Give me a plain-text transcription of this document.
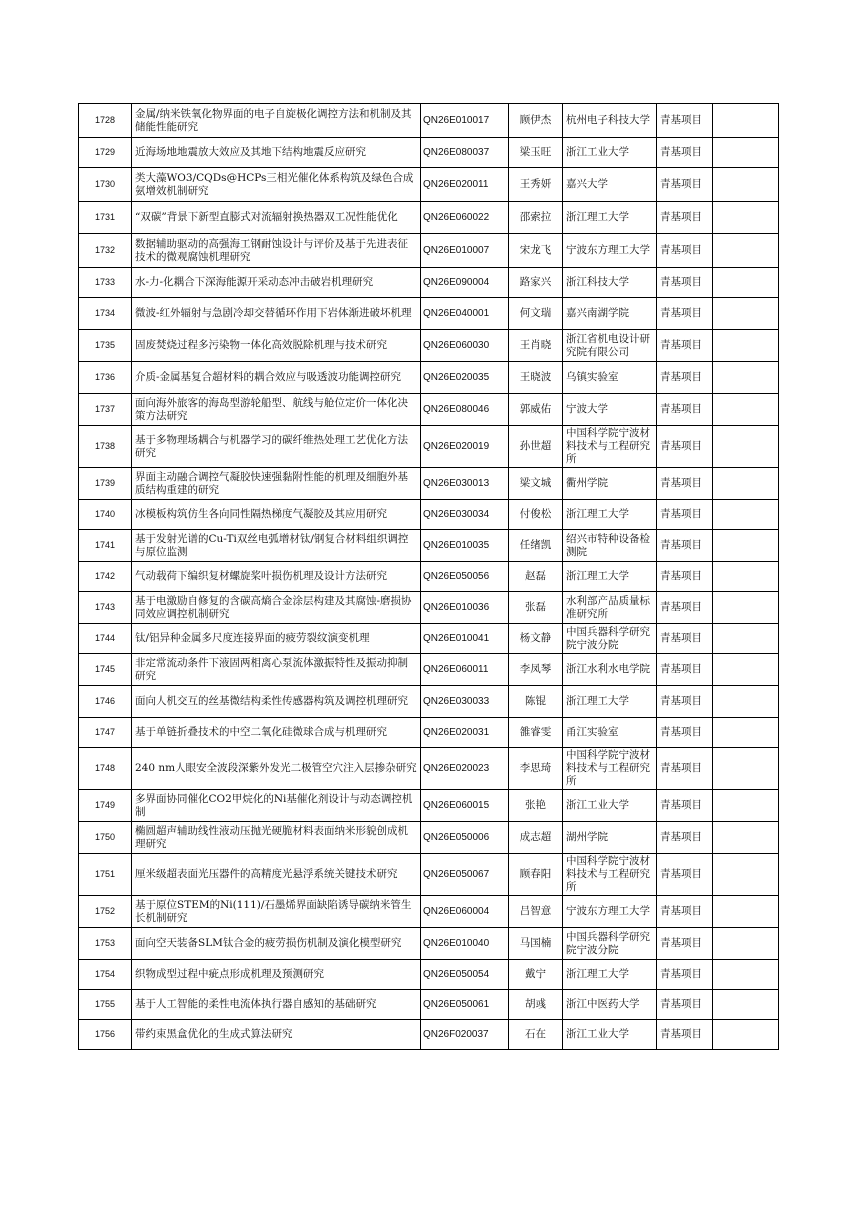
1728	金属/纳米铁氧化物界面的电子自旋极化调控方法和机制及其储能性能研究	QN26E010017	顾伊杰	杭州电子科技大学	青基项目	
1729	近海场地地震放大效应及其地下结构地震反应研究	QN26E080037	梁玉旺	浙江工业大学	青基项目	
1730	类大藻WO3/CQDs@HCPs三相光催化体系构筑及绿色合成氨增效机制研究	QN26E020011	王秀妍	嘉兴大学	青基项目	
1731	“双碳”背景下新型直膨式对流辐射换热器双工况性能优化	QN26E060022	邵索拉	浙江理工大学	青基项目	
1732	数据辅助驱动的高强海工钢耐蚀设计与评价及基于先进表征技术的微观腐蚀机理研究	QN26E010007	宋龙飞	宁波东方理工大学	青基项目	
1733	水-力-化耦合下深海能源开采动态冲击破岩机理研究	QN26E090004	路家兴	浙江科技大学	青基项目	
1734	微波-红外辐射与急剧冷却交替循环作用下岩体渐进破坏机理	QN26E040001	何文瑞	嘉兴南湖学院	青基项目	
1735	固废焚烧过程多污染物一体化高效脱除机理与技术研究	QN26E060030	王肖晓	浙江省机电设计研究院有限公司	青基项目	
1736	介质-金属基复合超材料的耦合效应与吸透波功能调控研究	QN26E020035	王晓波	乌镇实验室	青基项目	
1737	面向海外旅客的海岛型游轮船型、航线与舱位定价一体化决策方法研究	QN26E080046	郭威佑	宁波大学	青基项目	
1738	基于多物理场耦合与机器学习的碳纤维热处理工艺优化方法研究	QN26E020019	孙世超	中国科学院宁波材料技术与工程研究所	青基项目	
1739	界面主动融合调控气凝胶快速强黏附性能的机理及细胞外基质结构重建的研究	QN26E030013	梁文城	衢州学院	青基项目	
1740	冰模板构筑仿生各向同性隔热梯度气凝胶及其应用研究	QN26E030034	付俊松	浙江理工大学	青基项目	
1741	基于发射光谱的Cu-Ti双丝电弧增材钛/钢复合材料组织调控与原位监测	QN26E010035	任绪凯	绍兴市特种设备检测院	青基项目	
1742	气动载荷下编织复材螺旋桨叶损伤机理及设计方法研究	QN26E050056	赵磊	浙江理工大学	青基项目	
1743	基于电激励自修复的含碳高熵合金涂层构建及其腐蚀-磨损协同效应调控机制研究	QN26E010036	张磊	水利部产品质量标准研究所	青基项目	
1744	钛/铝异种金属多尺度连接界面的疲劳裂纹演变机理	QN26E010041	杨文静	中国兵器科学研究院宁波分院	青基项目	
1745	非定常流动条件下液固两相离心泵流体激振特性及振动抑制研究	QN26E060011	李凤琴	浙江水利水电学院	青基项目	
1746	面向人机交互的丝基微结构柔性传感器构筑及调控机理研究	QN26E030033	陈锟	浙江理工大学	青基项目	
1747	基于单链折叠技术的中空二氧化硅微球合成与机理研究	QN26E020031	雒睿雯	甬江实验室	青基项目	
1748	240 nm人眼安全波段深紫外发光二极管空穴注入层掺杂研究	QN26E020023	李思琦	中国科学院宁波材料技术与工程研究所	青基项目	
1749	多界面协同催化CO2甲烷化的Ni基催化剂设计与动态调控机制	QN26E060015	张艳	浙江工业大学	青基项目	
1750	椭圆超声辅助线性液动压抛光硬脆材料表面纳米形貌创成机理研究	QN26E050006	成志超	湖州学院	青基项目	
1751	厘米级超表面光压器件的高精度光悬浮系统关键技术研究	QN26E050067	顾春阳	中国科学院宁波材料技术与工程研究所	青基项目	
1752	基于原位STEM的Ni(111)/石墨烯界面缺陷诱导碳纳米管生长机制研究	QN26E060004	吕智意	宁波东方理工大学	青基项目	
1753	面向空天装备SLM钛合金的疲劳损伤机制及演化模型研究	QN26E010040	马国楠	中国兵器科学研究院宁波分院	青基项目	
1754	织物成型过程中疵点形成机理及预测研究	QN26E050054	戴宁	浙江理工大学	青基项目	
1755	基于人工智能的柔性电流体执行器自感知的基础研究	QN26E050061	胡彧	浙江中医药大学	青基项目	
1756	带约束黑盒优化的生成式算法研究	QN26F020037	石在	浙江工业大学	青基项目	
